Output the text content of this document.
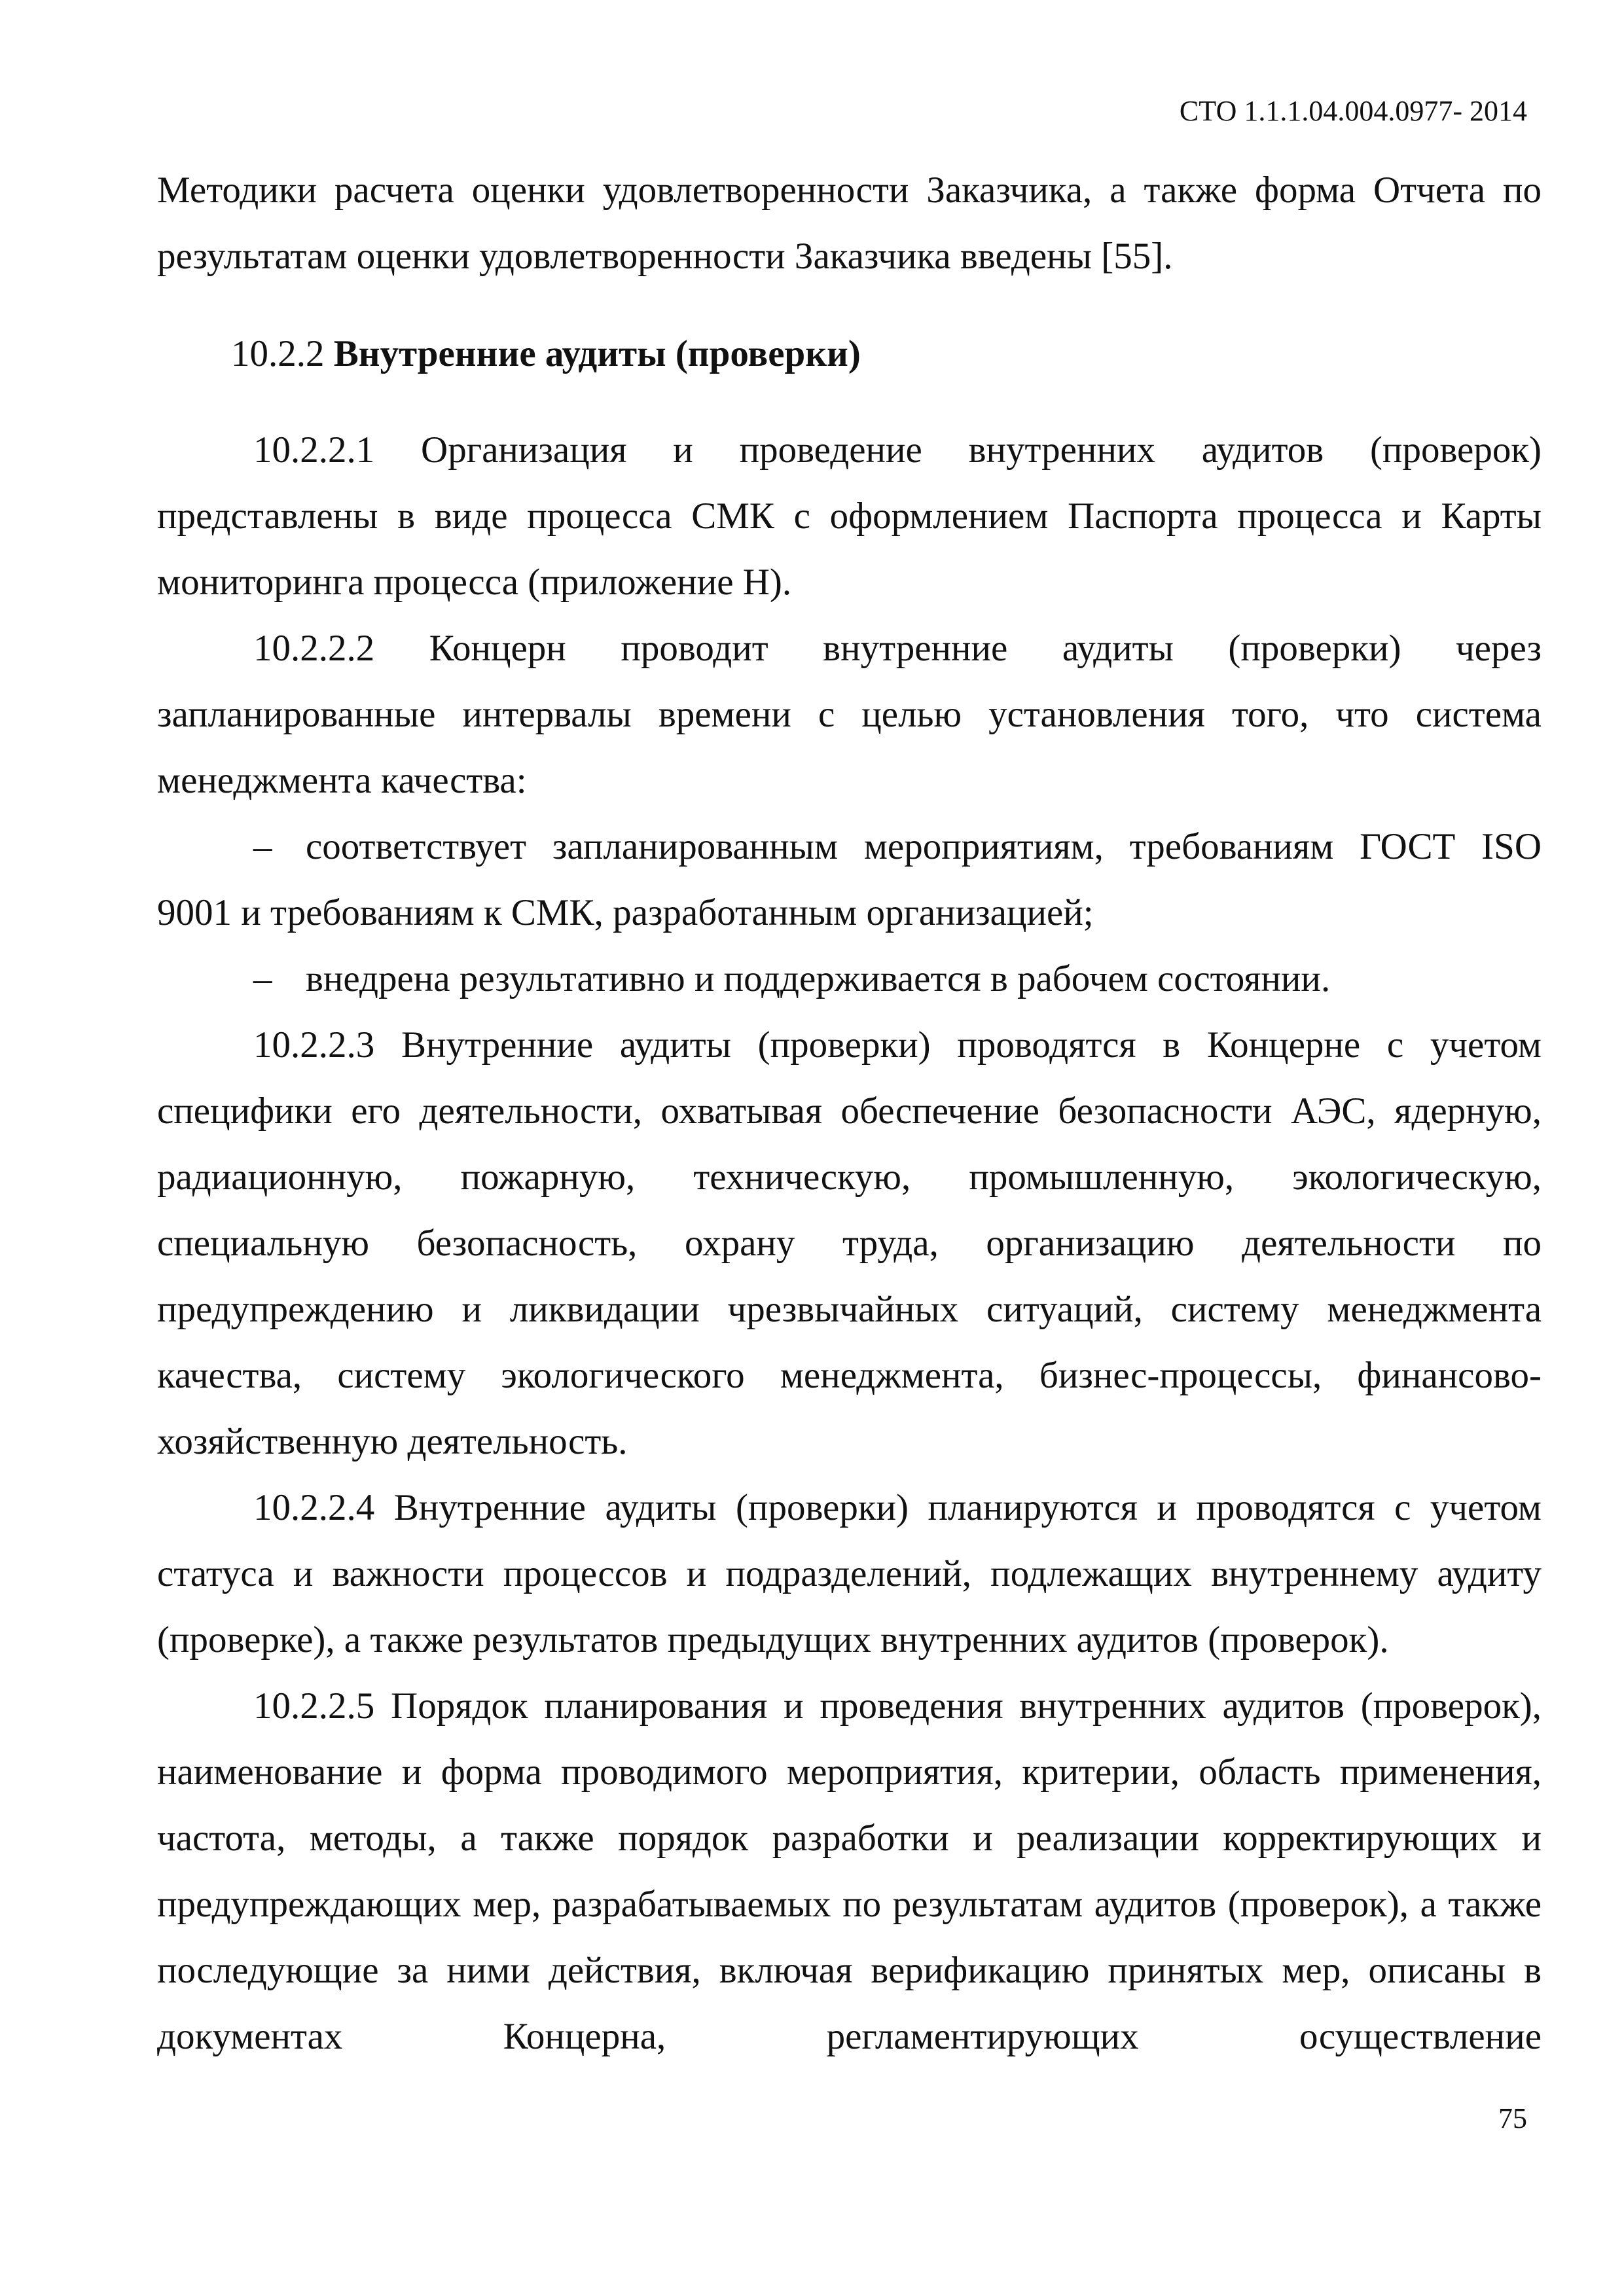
СТО 1.1.1.04.004.0977- 2014

Методики расчета оценки удовлетворенности Заказчика, а также форма Отчета по результатам оценки удовлетворенности Заказчика введены [55].

10.2.2 Внутренние аудиты (проверки)

10.2.2.1 Организация и проведение внутренних аудитов (проверок) представлены в виде процесса СМК с оформлением Паспорта процесса и Карты мониторинга процесса (приложение Н).

10.2.2.2 Концерн проводит внутренние аудиты (проверки) через запланированные интервалы времени с целью установления того, что система менеджмента качества:

– соответствует запланированным мероприятиям, требованиям ГОСТ ISO 9001 и требованиям к СМК, разработанным организацией;

– внедрена результативно и поддерживается в рабочем состоянии.

10.2.2.3 Внутренние аудиты (проверки) проводятся в Концерне с учетом специфики его деятельности, охватывая обеспечение безопасности АЭС, ядерную, радиационную, пожарную, техническую, промышленную, экологическую, специальную безопасность, охрану труда, организацию деятельности по предупреждению и ликвидации чрезвычайных ситуаций, систему менеджмента качества, систему экологического менеджмента, бизнес-процессы, финансово-хозяйственную деятельность.

10.2.2.4 Внутренние аудиты (проверки) планируются и проводятся с учетом статуса и важности процессов и подразделений, подлежащих внутреннему аудиту (проверке), а также результатов предыдущих внутренних аудитов (проверок).

10.2.2.5 Порядок планирования и проведения внутренних аудитов (проверок), наименование и форма проводимого мероприятия, критерии, область применения, частота, методы, а также порядок разработки и реализации корректирующих и предупреждающих мер, разрабатываемых по результатам аудитов (проверок), а также последующие за ними действия, включая верификацию принятых мер, описаны в документах Концерна, регламентирующих осуществление

75
